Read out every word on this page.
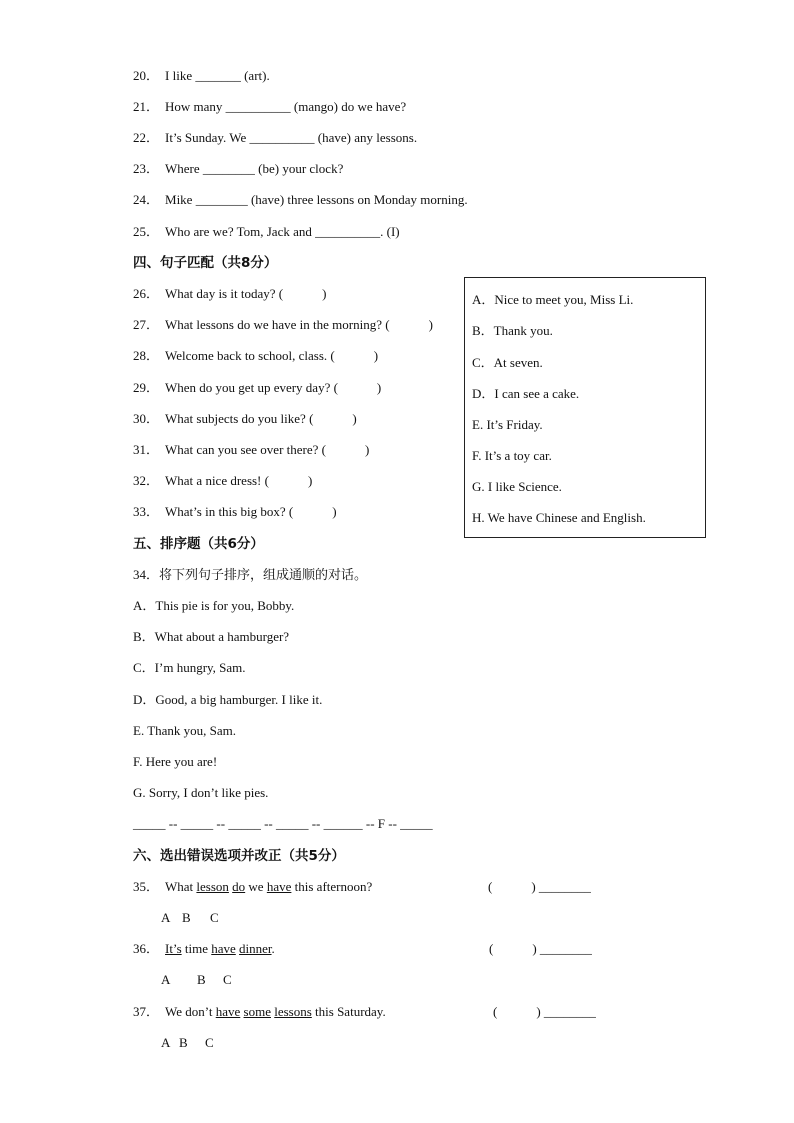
20． I like _______ (art).
21． How many __________ (mango) do we have?
22． It’s Sunday. We __________ (have) any lessons.
23． Where ________ (be) your clock?
24． Mike ________ (have) three lessons on Monday morning.
25． Who are we? Tom, Jack and __________. (I)
四、句子匹配（共8分）
26． What day is it today? (　　　)
27． What lessons do we have in the morning? (　　　)
28． Welcome back to school, class. (　　　)
29． When do you get up every day? (　　　)
30． What subjects do you like? (　　　)
31． What can you see over there? (　　　)
32． What a nice dress! (　　　)
33． What’s in this big box? (　　　)
A．Nice to meet you, Miss Li.
B．Thank you.
C．At seven.
D．I can see a cake.
E. It’s Friday.
F. It’s a toy car.
G. I like Science.
H. We have Chinese and English.
五、排序题（共6分）
34．将下列句子排序，组成通顺的对话。
A．This pie is for you, Bobby.
B．What about a hamburger?
C．I’m hungry, Sam.
D．Good, a big hamburger. I like it.
E. Thank you, Sam.
F. Here you are!
G. Sorry, I don’t like pies.
_____ -- _____ -- _____ -- _____ -- ______ -- F -- _____
六、选出错误选项并改正（共5分）
35． What lesson do we have this afternoon?	(　　　) ________
A B C
36． It’s time have dinner.	(　　　) ________
A B C
37． We don’t have some lessons this Saturday.	(　　　) ________
A B C
